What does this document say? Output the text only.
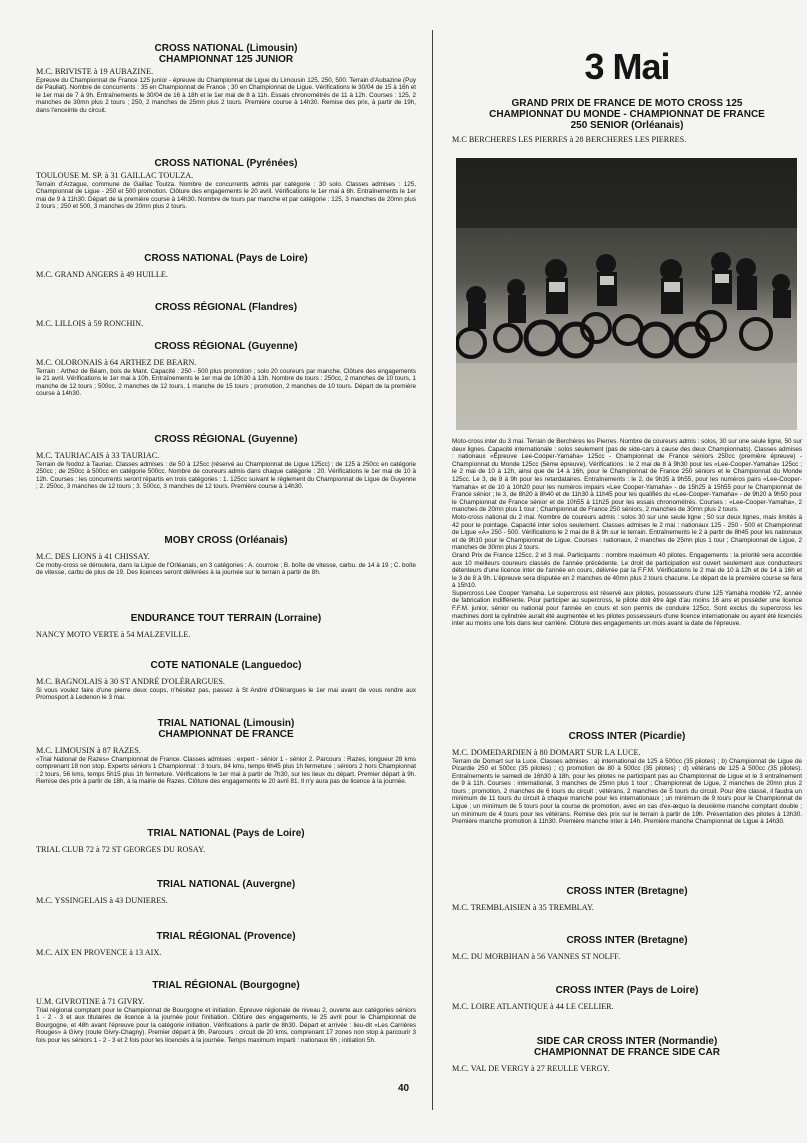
CROSS NATIONAL (Limousin)
CHAMPIONNAT 125 JUNIOR
M.C. BRIVISTE à 19 AUBAZINE.
Epreuve du Championnat de France 125 junior - épreuve du Championnat de Ligue du Limousin 125, 250, 500. Terrain d'Aubazine (Puy de Pauliat). Nombre de concurrents : 35 en Championnat de France ; 30 en Championnat de Ligue. Vérifications le 30/04 de 15 à 16h et le 1er mai de 7 à 9h. Entraînements le 30/04 de 16 à 18h et le 1er mai de 8 à 11h. Essais chronométrés de 11 à 12h. Courses : 125, 2 manches de 30mn plus 2 tours ; 250, 2 manches de 25mn plus 2 tours. Première course à 14h30. Remise des prix, à partir de 19h, dans l'enceinte du circuit.
CROSS NATIONAL (Pyrénées)
TOULOUSE M. SP. à 31 GAILLAC TOULZA.
Terrain d'Arzague, commune de Gaillac Toulza. Nombre de concurrents admis par catégorie : 30 solo. Classes admises : 125, Championnat de Ligue - 250 et 500 promotion. Clôture des engagements le 20 avril. Vérifications le 1er mai à 8h. Entraînements le 1er mai de 9 à 11h30. Départ de la première course à 14h30. Nombre de tours par manche et par catégorie : 125, 3 manches de 20mn plus 2 tours ; 250 et 500, 3 manches de 20mn plus 2 tours.
CROSS NATIONAL (Pays de Loire)
M.C. GRAND ANGERS à 49 HUILLE.
CROSS RÉGIONAL (Flandres)
M.C. LILLOIS à 59 RONCHIN.
CROSS RÉGIONAL (Guyenne)
M.C. OLORONAIS à 64 ARTHEZ DE BEARN.
Terrain : Arthez de Béarn, bois de Mant. Capacité : 250 - 500 plus promotion ; solo 20 coureurs par manche. Clôture des engagements le 21 avril. Vérifications le 1er mai à 10h. Entraînements le 1er mai de 10h30 à 13h. Nombre de tours : 250cc, 2 manches de 10 tours, 1 manche de 12 tours ; 500cc, 2 manches de 12 tours, 1 manche de 15 tours ; promotion, 2 manches de 10 tours. Départ de la première course à 14h30.
CROSS RÉGIONAL (Guyenne)
M.C. TAURIACAIS à 33 TAURIAC.
Terrain de Nodoz à Tauriac. Classes admises : de 50 à 125cc (réservé au Championnat de Ligue 125cc) ; de 125 à 250cc en catégorie 250cc ; de 250cc à 500cc en catégorie 500cc. Nombre de coureurs admis dans chaque catégorie : 20. Vérifications le 1er mai de 10 à 12h. Courses : les concurrents seront répartis en trois catégories : 1. 125cc suivant le règlement du Championnat de Ligue de Guyenne ; 2. 250cc, 3 manches de 12 tours ; 3. 500cc, 3 manches de 12 tours. Première course à 14h30.
MOBY CROSS (Orléanais)
M.C. DES LIONS à 41 CHISSAY.
Ce moby-cross se déroulera, dans la Ligue de l'Orléanais, en 3 catégories : A. courroie ; B. boîte de vitesse, carbu. de 14 à 19 ; C. boîte de vitesse, carbu de plus de 19. Des licences seront délivrées à la journée sur le terrain à partir de 8h.
ENDURANCE TOUT TERRAIN (Lorraine)
NANCY MOTO VERTE à 54 MALZEVILLE.
COTE NATIONALE (Languedoc)
M.C. BAGNOLAIS à 30 ST ANDRÉ D'OLÉRARGUES.
Si vous voulez faire d'une pierre deux coups, n'hésitez pas, passez à St André d'Olérargues le 1er mai avant de vous rendre aux Promosport à Ledenon le 3 mai.
TRIAL NATIONAL (Limousin)
CHAMPIONNAT DE FRANCE
M.C. LIMOUSIN à 87 RAZES.
«Trial National de Razes» Championnat de France. Classes admises : expert - sénior 1 - sénior 2. Parcours : Razes, longueur 28 kms comprenant 18 non stop. Experts séniors 1 Championnat : 3 tours, 84 kms, temps 6h45 plus 1h fermeture ; séniors 2 hors Championnat : 2 tours, 56 kms, temps 5h15 plus 1h fermeture. Vérifications le 1er mai à partir de 7h30, sur les lieux du départ. Premier départ à 9h. Remise des prix à partir de 18h, à la mairie de Razes. Clôture des engagements le 20 avril 81. Il n'y aura pas de licence à la journée.
TRIAL NATIONAL (Pays de Loire)
TRIAL CLUB 72 à 72 ST GEORGES DU ROSAY.
TRIAL NATIONAL (Auvergne)
M.C. YSSINGELAIS à 43 DUNIERES.
TRIAL RÉGIONAL (Provence)
M.C. AIX EN PROVENCE à 13 AIX.
TRIAL RÉGIONAL (Bourgogne)
U.M. GIVROTINE à 71 GIVRY.
Trial régional comptant pour le Championnat de Bourgogne et initiation. Epreuve régionale de niveau 2, ouverte aux catégories séniors 1 - 2 - 3 et aux titulaires de licence à la journée pour l'initiation. Clôture des engagements, le 25 avril pour le Championnat de Bourgogne, et 48h avant l'épreuve pour la catégorie initiation. Vérifications à partir de 8h30. Départ et arrivée : lieu-dit «Les Carrières Rouges» à Givry (route Givry-Chagny). Premier départ à 9h. Parcours : circuit de 20 kms, comprenant 17 zones non stop à parcourir 3 fois pour les séniors 1 - 2 - 3 et 2 fois pour les licenciés à la journée. Temps maximum imparti : nationaux 6h ; initiation 5h.
3 Mai
GRAND PRIX DE FRANCE DE MOTO CROSS 125
CHAMPIONNAT DU MONDE - CHAMPIONNAT DE FRANCE
250 SENIOR (Orléanais)
M.C BERCHERES LES PIERRES à 28 BERCHERES LES PIERRES.
Moto-cross inter du 3 mai. Terrain de Berchères les Pierres. Nombre de coureurs admis : solos, 30 sur une seule ligne, 50 sur deux lignes. Capacité internationale : solos seulement (pas de side-cars à cause des deux Championnats). Classes admises : nationaux «Épreuve Lee-Cooper-Yamaha» 125cc - Championnat de France séniors 250cc (première épreuve) - Championnat du Monde 125cc (5ème épreuve). Vérifications : le 2 mai de 8 à 9h30 pour les «Lee-Cooper-Yamaha» 125cc ; le 2 mai de 10 à 12h, ainsi que de 14 à 16h, pour le Championnat de France 250 séniors et le Championnat du Monde 125cc. Le 3, de 8 à 9h pour les retardataires. Entraînements : le 2, de 9h35 à 9h55, pour les numéros pairs «Lee-Cooper-Yamaha» et de 10 à 10h20 pour les numéros impairs «Lee Cooper-Yamaha» - de 15h25 à 15h55 pour le Championnat de France sénior ; le 3, de 8h20 à 8h40 et de 11h30 à 11h45 pour les qualifiés du «Lee-Cooper-Yamaha» - de 9h20 à 9h50 pour le Championnat de France sénior et de 10h55 à 11h25 pour les essais chronométrés. Courses : «Lee-Cooper-Yamaha», 2 manches de 20mn plus 1 tour ; Championnat de France 250 séniors, 2 manches de 30mn plus 2 tours.
Moto-cross national du 2 mai. Nombre de coureurs admis : solos 30 sur une seule ligne ; 50 sur deux lignes, mais limités à 42 pour le pointage. Capacité inter solos seulement. Classes admises le 2 mai : nationaux 125 - 250 - 500 et Championnat de Ligue «A» 250 - 500. Vérifications le 2 mai de 8 à 9h sur le terrain. Entraînements le 2 à partir de 8h45 pour les nationaux et de 9h10 pour le Championnat de Ligue. Courses : nationaux, 2 manches de 25mn plus 1 tour ; Championnat de Ligue, 2 manches de 30mn plus 2 tours.
Grand Prix de France 125cc. 2 et 3 mai. Participants : nombre maximum 40 pilotes. Engagements : la priorité sera accordée aux 10 meilleurs coureurs classés de l'année précédente. Le droit de participation est ouvert seulement aux conducteurs détenteurs d'une licence inter de l'année en cours, délivrée par la F.F.M. Vérifications le 2 mai de 10 à 12h et de 14 à 16h et le 3 de 8 à 9h. L'épreuve sera disputée en 2 manches de 40mn plus 2 tours chacune. Le départ de la première course se fera à 15h10.
Supercross Lee Cooper Yamaha. Le supercross est réservé aux pilotes, possesseurs d'une 125 Yamaha modèle YZ, année de fabrication indifférente. Pour participer au supercross, le pilote doit être âgé d'au moins 16 ans et posséder une licence F.F.M. junior, sénior ou national pour l'année en cours et son permis de conduire 125cc. Sont exclus du supercross les machines dont la cylindrée aurait été augmentée et les pilotes possesseurs d'une licence internationale ou ayant été licenciés inter au moins une fois dans leur carrière. Clôture des engagements un mois avant la date de l'épreuve.
CROSS INTER (Picardie)
M.C. DOMEDARDIEN à 80 DOMART SUR LA LUCE.
Terrain de Domart sur la Luce. Classes admises : a) international de 125 à 500cc (35 pilotes) ; b) Championnat de Ligue de Picardie 250 et 500cc (35 pilotes) ; c) promotion de 80 à 500cc (35 pilotes) ; d) vétérans de 125 à 500cc (35 pilotes). Entraînements le samedi de 16h30 à 18h, pour les pilotes ne participant pas au Championnat de Ligue et le 3 entraînement de 9 à 11h. Courses : international, 3 manches de 25mn plus 1 tour ; Championnat de Ligue, 2 manches de 20mn plus 2 tours ; promotion, 2 manches de 6 tours du circuit ; vétérans, 2 manches de 5 tours du circuit. Pour être classé, il faudra un minimum de 11 tours du circuit à chaque manche pour les internationaux ; un minimum de 9 tours pour le Championnat de Ligue ; un minimum de 5 tours pour la course de promotion, avec en cas d'ex-æquo la deuxième manche comptant double ; un minimum de 4 tours pour les vétérans. Remise des prix sur le terrain à partir de 19h. Présentation des pilotes à 13h30. Première manche promotion à 11h30. Première manche inter à 14h. Première manche Championnat de Ligue à 14h30.
CROSS INTER (Bretagne)
M.C. TREMBLAISIEN à 35 TREMBLAY.
CROSS INTER (Bretagne)
M.C. DU MORBIHAN à 56 VANNES ST NOLFF.
CROSS INTER (Pays de Loire)
M.C. LOIRE ATLANTIQUE à 44 LE CELLIER.
SIDE CAR CROSS INTER (Normandie)
CHAMPIONNAT DE FRANCE SIDE CAR
M.C. VAL DE VERGY à 27 REULLE VERGY.
40
